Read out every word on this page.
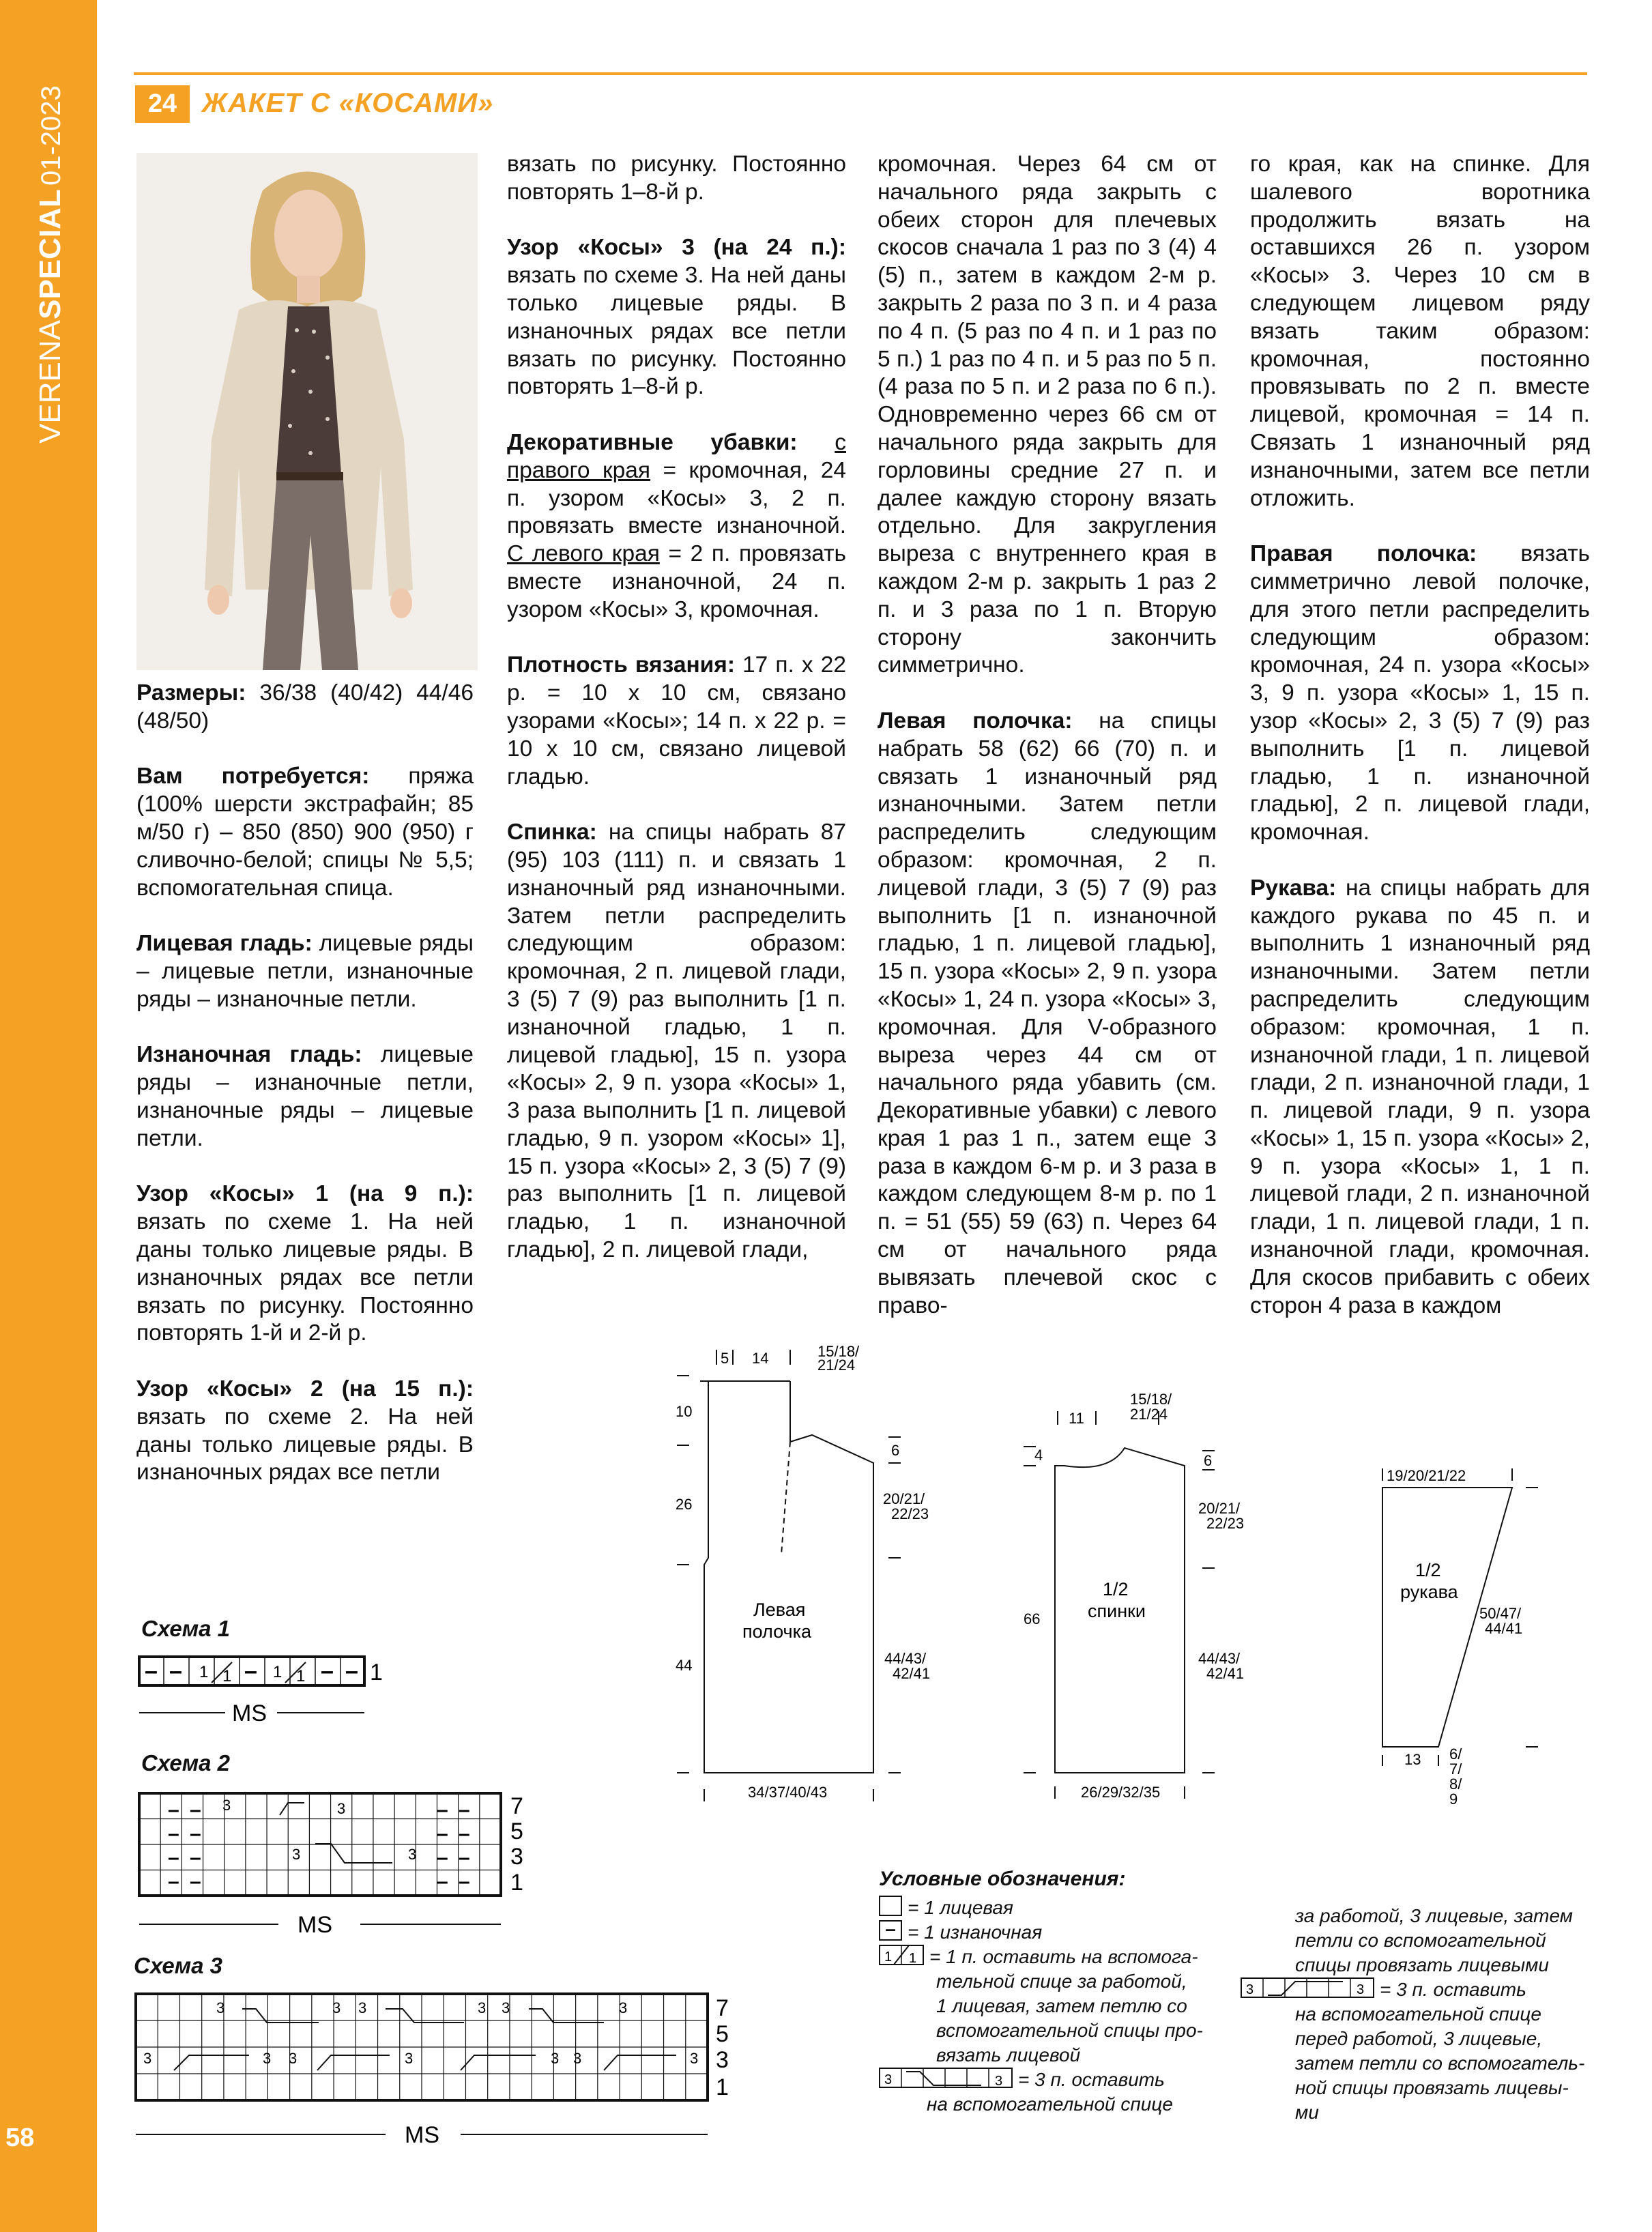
VERENA
SPECIAL
01-2023
58
24 ЖАКЕТ С «КОСАМИ»

Размеры: 36/38 (40/42) 44/46 (48/50)

Вам потребуется: пряжа (100% шерсти экстрафайн; 85 м/50 г) – 850 (850) 900 (950) г сливочно-белой; спицы № 5,5; вспомогательная спица.

Лицевая гладь: лицевые ряды – лицевые петли, изнаночные ряды – изнаночные петли.

Изнаночная гладь: лицевые ряды – изнаночные петли, изнаночные ряды – лицевые петли.

Узор «Косы» 1 (на 9 п.): вязать по схеме 1. На ней даны только лицевые ряды. В изнаночных рядах все петли вязать по рисунку. Постоянно повторять 1-й и 2-й р.

Узор «Косы» 2 (на 15 п.): вязать по схеме 2. На ней даны только лицевые ряды. В изнаночных рядах все петли

вязать по рисунку. Постоянно повторять 1–8-й р.

Узор «Косы» 3 (на 24 п.): вязать по схеме 3. На ней даны только лицевые ряды. В изнаночных рядах все петли вязать по рисунку. Постоянно повторять 1–8-й р.

Декоративные убавки: с правого края = кромочная, 24 п. узором «Косы» 3, 2 п. провязать вместе изнаночной. С левого края = 2 п. провязать вместе изнаночной, 24 п. узором «Косы» 3, кромочная.

Плотность вязания: 17 п. х 22 р. = 10 х 10 см, связано узорами «Косы»; 14 п. х 22 р. = 10 х 10 см, связано лицевой гладью.

Спинка: на спицы набрать 87 (95) 103 (111) п. и связать 1 изнаночный ряд изнаночными. Затем петли распределить следующим образом: кромочная, 2 п. лицевой глади, 3 (5) 7 (9) раз выполнить [1 п. изнаночной гладью, 1 п. лицевой гладью], 15 п. узора «Косы» 2, 9 п. узора «Косы» 1, 3 раза выполнить [1 п. лицевой гладью, 9 п. узором «Косы» 1], 15 п. узора «Косы» 2, 3 (5) 7 (9) раз выполнить [1 п. лицевой гладью, 1 п. изнаночной гладью], 2 п. лицевой глади,

кромочная. Через 64 см от начального ряда закрыть с обеих сторон для плечевых скосов сначала 1 раз по 3 (4) 4 (5) п., затем в каждом 2-м р. закрыть 2 раза по 3 п. и 4 раза по 4 п. (5 раз по 4 п. и 1 раз по 5 п.) 1 раз по 4 п. и 5 раз по 5 п. (4 раза по 5 п. и 2 раза по 6 п.). Одновременно через 66 см от начального ряда закрыть для горловины средние 27 п. и далее каждую сторону вязать отдельно. Для закругления выреза с внутреннего края в каждом 2-м р. закрыть 1 раз 2 п. и 3 раза по 1 п. Вторую сторону закончить симметрично.

Левая полочка: на спицы набрать 58 (62) 66 (70) п. и связать 1 изнаночный ряд изнаночными. Затем петли распределить следующим образом: кромочная, 2 п. лицевой глади, 3 (5) 7 (9) раз выполнить [1 п. изнаночной гладью, 1 п. лицевой гладью], 15 п. узора «Косы» 2, 9 п. узора «Косы» 1, 24 п. узора «Косы» 3, кромочная. Для V-образного выреза через 44 см от начального ряда убавить (см. Декоративные убавки) с левого края 1 раз 1 п., затем еще 3 раза в каждом 6-м р. и 3 раза в каждом следующем 8-м р. по 1 п. = 51 (55) 59 (63) п. Через 64 см от начального ряда вывязать плечевой скос с право-

го края, как на спинке. Для шалевого воротника продолжить вязать на оставшихся 26 п. узором «Косы» 3. Через 10 см в следующем лицевом ряду вязать таким образом: кромочная, постоянно провязывать по 2 п. вместе лицевой, кромочная = 14 п. Связать 1 изнаночный ряд изнаночными, затем все петли отложить.

Правая полочка: вязать симметрично левой полочке, для этого петли распределить следующим образом: кромочная, 24 п. узора «Косы» 3, 9 п. узора «Косы» 1, 15 п. узор «Косы» 2, 3 (5) 7 (9) раз выполнить [1 п. лицевой гладью, 1 п. изнаночной гладью], 2 п. лицевой глади, кромочная.

Рукава: на спицы набрать для каждого рукава по 45 п. и выполнить 1 изнаночный ряд изнаночными. Затем петли распределить следующим образом: кромочная, 1 п. изнаночной глади, 1 п. лицевой глади, 2 п. изнаночной глади, 1 п. лицевой глади, 9 п. узора «Косы» 1, 15 п. узора «Косы» 2, 9 п. узора «Косы» 1, 1 п. лицевой глади, 2 п. изнаночной глади, 1 п. лицевой глади, 1 п. изнаночной глади, кромочная. Для скосов прибавить с обеих сторон 4 раза в каждом

Схема 1
– – 1 1 – 1 1 – – 1
MS
Схема 2
– –
– –
– –
– –
– –	– –
– –	– –
3	3
3	3
7
5
3
1
MS
Схема 3
3	3 3	3 3	3
3	3 3	3	3 3	3
7
5
3
1
MS
5 14	15/18/
21/24
10
26
44
6
20/21/
22/23
44/43/
42/41
34/37/40/43
Левая
полочка
11
15/18/
21/24
4	6
66
20/21/
22/23
44/43/
42/41
26/29/32/35
1/2
спинки
19/20/21/22
50/47/
44/41
13 6/
7/
8/
9
1/2
рукава
Условные обозначения:
= 1 лицевая
– = 1 изнаночная
1 1 = 1 п. оставить на вспомога-
тельной спице за работой,
1 лицевая, затем петлю со
вспомогательной спицы про-
вязать лицевой
3	3 = 3 п. оставить
на вспомогательной спице
за работой, 3 лицевые, затем
петли со вспомогательной
спицы провязать лицевыми
3	3 = 3 п. оставить
на вспомогательной спице
перед работой, 3 лицевые,
затем петли со вспомогатель-
ной спицы провязать лицевы-
ми
